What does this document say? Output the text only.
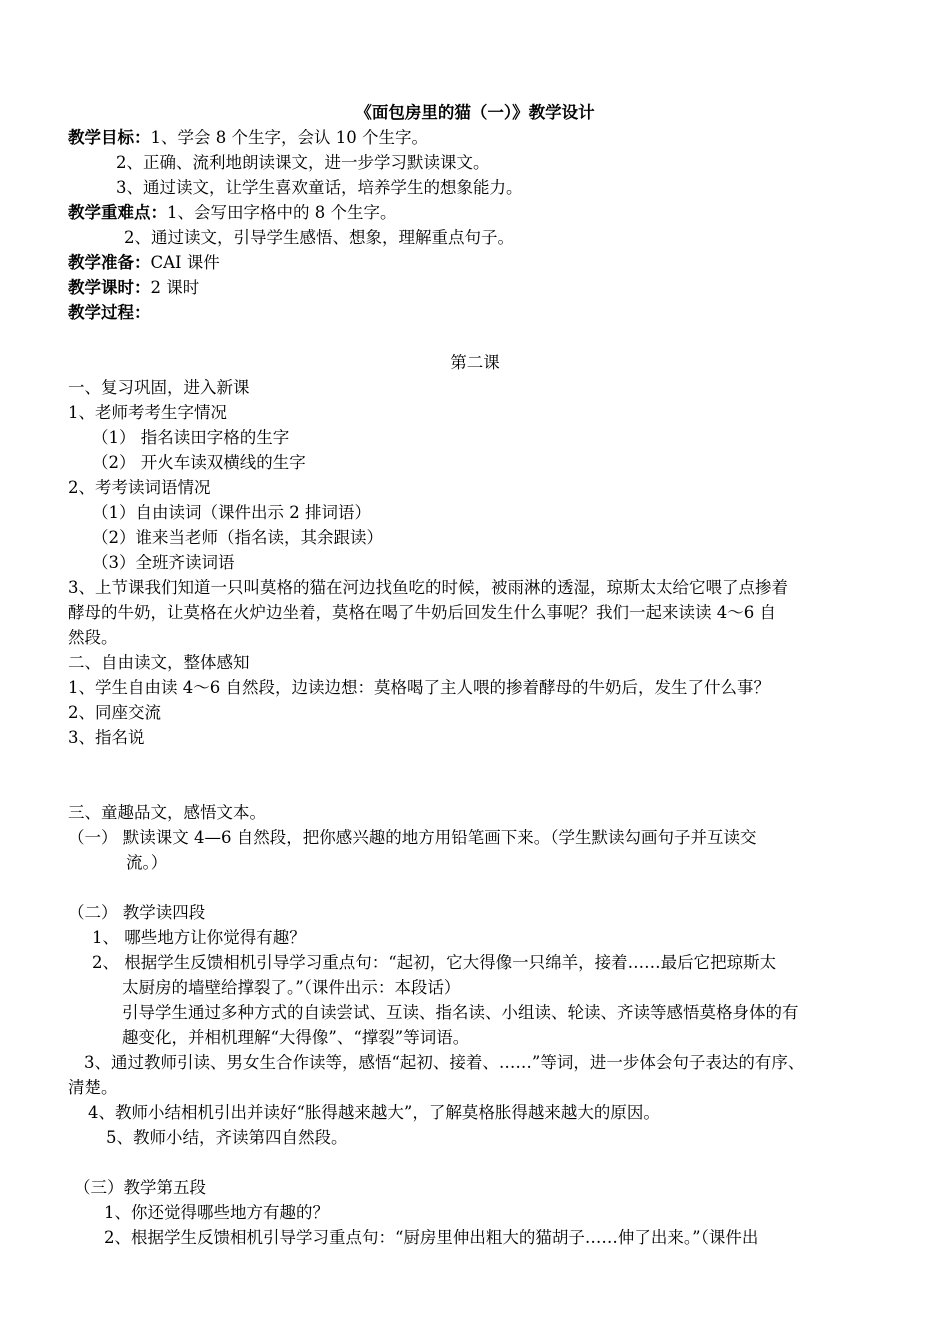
《面包房里的猫（一）》教学设计
教学目标：1、学会 8 个生字，会认 10 个生字。
2、正确、流利地朗读课文，进一步学习默读课文。
3、通过读文，让学生喜欢童话，培养学生的想象能力。
教学重难点：1、会写田字格中的 8 个生字。
2、通过读文，引导学生感悟、想象，理解重点句子。
教学准备：CAI 课件
教学课时：2 课时
教学过程：
第二课
一、复习巩固，进入新课
1、老师考考生字情况
（1） 指名读田字格的生字
（2） 开火车读双横线的生字
2、考考读词语情况
（1）自由读词（课件出示 2 排词语）
（2）谁来当老师（指名读，其余跟读）
（3）全班齐读词语
3、上节课我们知道一只叫莫格的猫在河边找鱼吃的时候，被雨淋的透湿，琼斯太太给它喂了点掺着
酵母的牛奶，让莫格在火炉边坐着，莫格在喝了牛奶后回发生什么事呢？我们一起来读读 4～6 自
然段。
二、自由读文，整体感知
1、学生自由读 4～6 自然段，边读边想：莫格喝了主人喂的掺着酵母的牛奶后，发生了什么事？
2、同座交流
3、指名说
三、童趣品文，感悟文本。
（一） 默读课文 4—6 自然段，把你感兴趣的地方用铅笔画下来。（学生默读勾画句子并互读交
流。）
（二） 教学读四段
1、 哪些地方让你觉得有趣？
2、 根据学生反馈相机引导学习重点句：“起初，它大得像一只绵羊，接着……最后它把琼斯太
太厨房的墙壁给撑裂了。”（课件出示：本段话）
引导学生通过多种方式的自读尝试、互读、指名读、小组读、轮读、齐读等感悟莫格身体的有
趣变化，并相机理解“大得像”、“撑裂”等词语。
3、通过教师引读、男女生合作读等，感悟“起初、接着、……”等词，进一步体会句子表达的有序、
清楚。
4、教师小结相机引出并读好“胀得越来越大”，了解莫格胀得越来越大的原因。
5、教师小结，齐读第四自然段。
（三）教学第五段
1、你还觉得哪些地方有趣的？
2、根据学生反馈相机引导学习重点句：“厨房里伸出粗大的猫胡子……伸了出来。”（课件出
